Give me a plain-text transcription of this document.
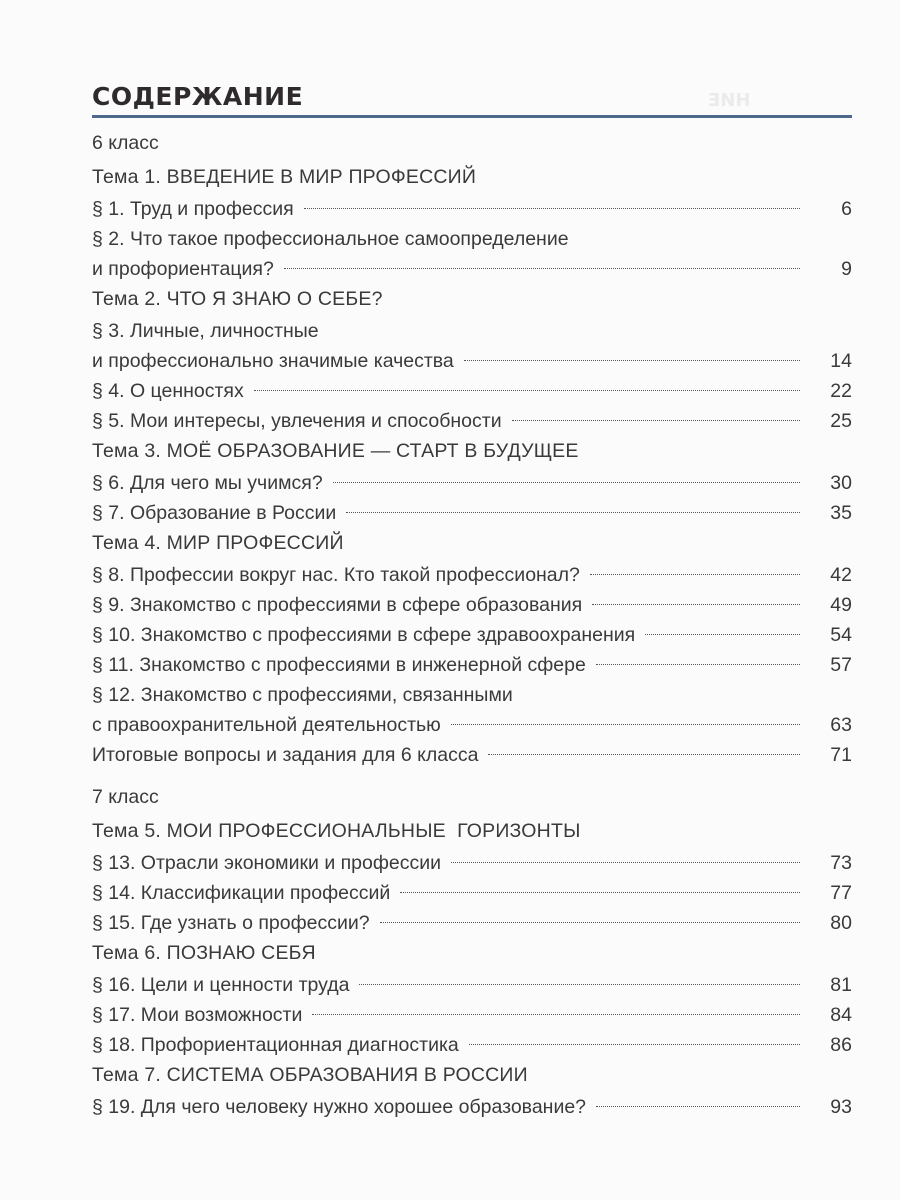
НИЕ
СОДЕРЖАНИЕ
6 класс
Тема 1. ВВЕДЕНИЕ В МИР ПРОФЕССИЙ
§ 1. Труд и профессия	6
§ 2. Что такое профессиональное самоопределение
и профориентация?	9
Тема 2. ЧТО Я ЗНАЮ О СЕБЕ?
§ 3. Личные, личностные
и профессионально значимые качества	14
§ 4. О ценностях	22
§ 5. Мои интересы, увлечения и способности	25
Тема 3. МОЁ ОБРАЗОВАНИЕ — СТАРТ В БУДУЩЕЕ
§ 6. Для чего мы учимся?	30
§ 7. Образование в России	35
Тема 4. МИР ПРОФЕССИЙ
§ 8. Профессии вокруг нас. Кто такой профессионал?	42
§ 9. Знакомство с профессиями в сфере образования	49
§ 10. Знакомство с профессиями в сфере здравоохранения	54
§ 11. Знакомство с профессиями в инженерной сфере	57
§ 12. Знакомство с профессиями, связанными
с правоохранительной деятельностью	63
Итоговые вопросы и задания для 6 класса	71
7 класс
Тема 5. МОИ ПРОФЕССИОНАЛЬНЫЕ  ГОРИЗОНТЫ
§ 13. Отрасли экономики и профессии	73
§ 14. Классификации профессий	77
§ 15. Где узнать о профессии?	80
Тема 6. ПОЗНАЮ СЕБЯ
§ 16. Цели и ценности труда	81
§ 17. Мои возможности	84
§ 18. Профориентационная диагностика	86
Тема 7. СИСТЕМА ОБРАЗОВАНИЯ В РОССИИ
§ 19. Для чего человеку нужно хорошее образование?	93
